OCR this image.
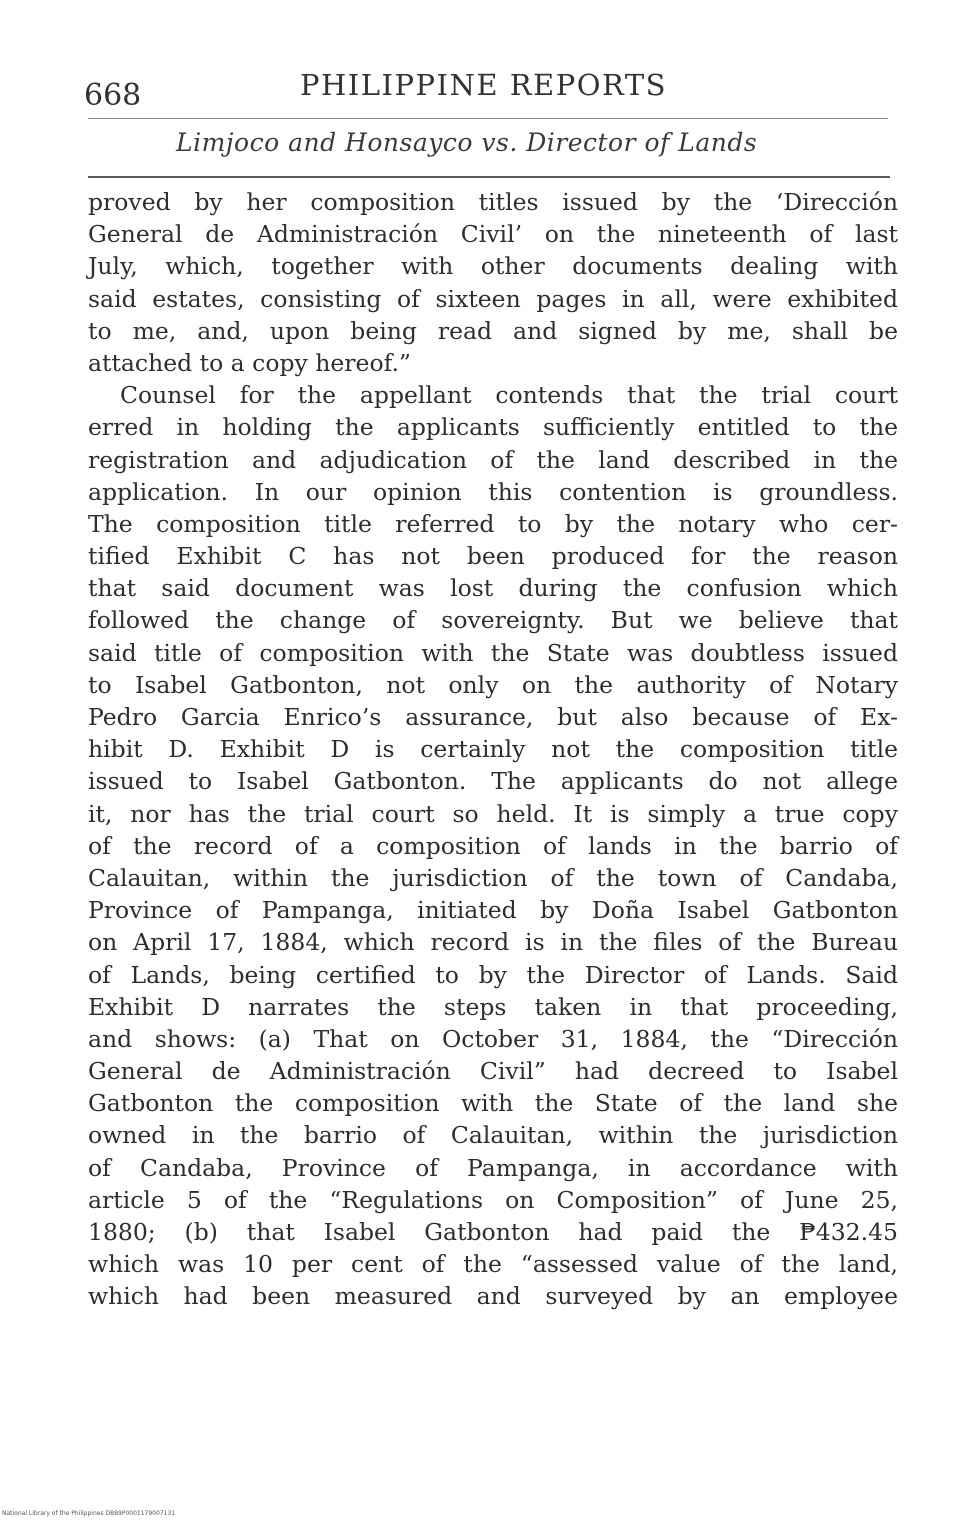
668	PHILIPPINE REPORTS
Limjoco and Honsayco vs. Director of Lands
proved by her composition titles issued by the ‘Dirección
General de Administración Civil’ on the nineteenth of last
July, which, together with other documents dealing with
said estates, consisting of sixteen pages in all, were exhibited
to me, and, upon being read and signed by me, shall be
attached to a copy hereof.”
Counsel for the appellant contends that the trial court
erred in holding the applicants sufficiently entitled to the
registration and adjudication of the land described in the
application. In our opinion this contention is groundless.
The composition title referred to by the notary who cer-
tified Exhibit C has not been produced for the reason
that said document was lost during the confusion which
followed the change of sovereignty. But we believe that
said title of composition with the State was doubtless issued
to Isabel Gatbonton, not only on the authority of Notary
Pedro Garcia Enrico’s assurance, but also because of Ex-
hibit D. Exhibit D is certainly not the composition title
issued to Isabel Gatbonton. The applicants do not allege
it, nor has the trial court so held. It is simply a true copy
of the record of a composition of lands in the barrio of
Calauitan, within the jurisdiction of the town of Candaba,
Province of Pampanga, initiated by Doña Isabel Gatbonton
on April 17, 1884, which record is in the files of the Bureau
of Lands, being certified to by the Director of Lands. Said
Exhibit D narrates the steps taken in that proceeding,
and shows: (a) That on October 31, 1884, the “Dirección
General de Administración Civil” had decreed to Isabel
Gatbonton the composition with the State of the land she
owned in the barrio of Calauitan, within the jurisdiction
of Candaba, Province of Pampanga, in accordance with
article 5 of the “Regulations on Composition” of June 25,
1880; (b) that Isabel Gatbonton had paid the ₱432.45
which was 10 per cent of the “assessed value of the land,
which had been measured and surveyed by an employee
National Library of the Philippines DB89P0001179007131
